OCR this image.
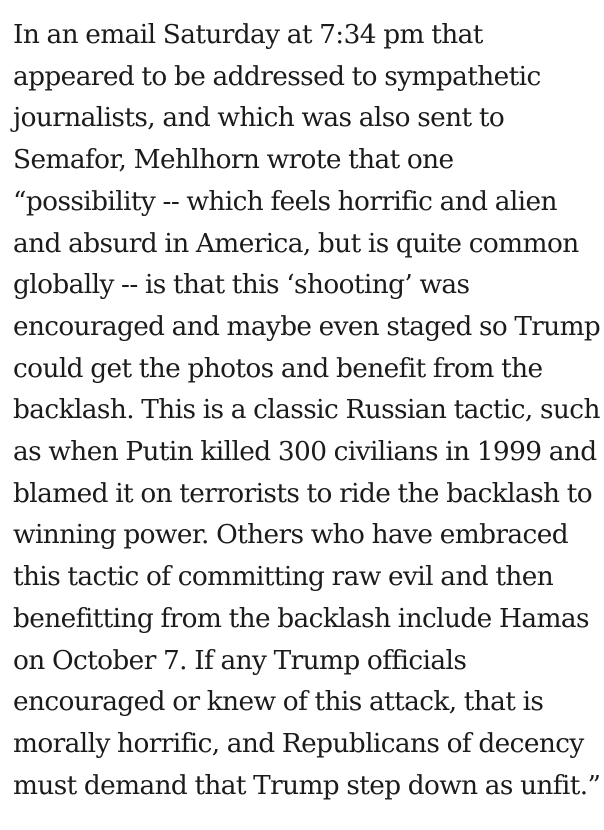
In an email Saturday at 7:34 pm that appeared to be addressed to sympathetic journalists, and which was also sent to Semafor, Mehlhorn wrote that one “possibility -- which feels horrific and alien and absurd in America, but is quite common globally -- is that this ‘shooting’ was encouraged and maybe even staged so Trump could get the photos and benefit from the backlash. This is a classic Russian tactic, such as when Putin killed 300 civilians in 1999 and blamed it on terrorists to ride the backlash to winning power. Others who have embraced this tactic of committing raw evil and then benefitting from the backlash include Hamas on October 7. If any Trump officials encouraged or knew of this attack, that is morally horrific, and Republicans of decency must demand that Trump step down as unfit.”
